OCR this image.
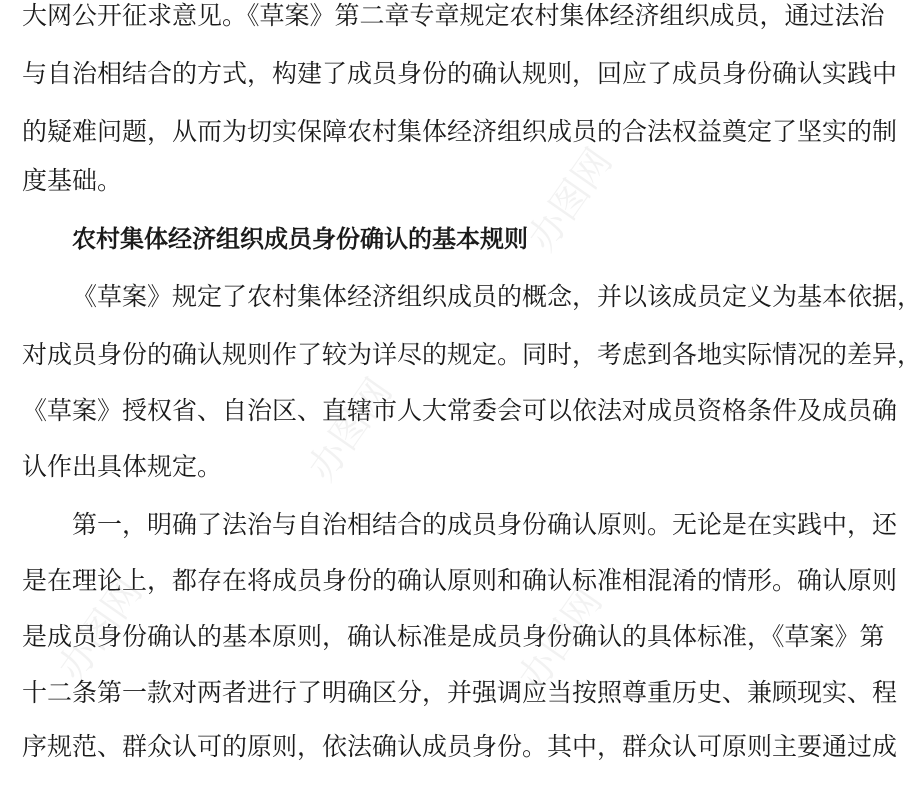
大网公开征求意见。《草案》第二章专章规定农村集体经济组织成员，通过法治
与自治相结合的方式，构建了成员身份的确认规则，回应了成员身份确认实践中
的疑难问题，从而为切实保障农村集体经济组织成员的合法权益奠定了坚实的制
度基础。
农村集体经济组织成员身份确认的基本规则
《草案》规定了农村集体经济组织成员的概念，并以该成员定义为基本依据，
对成员身份的确认规则作了较为详尽的规定。同时，考虑到各地实际情况的差异，
《草案》授权省、自治区、直辖市人大常委会可以依法对成员资格条件及成员确
认作出具体规定。
第一，明确了法治与自治相结合的成员身份确认原则。无论是在实践中，还
是在理论上，都存在将成员身份的确认原则和确认标准相混淆的情形。确认原则
是成员身份确认的基本原则，确认标准是成员身份确认的具体标准，《草案》第
十二条第一款对两者进行了明确区分，并强调应当按照尊重历史、兼顾现实、程
序规范、群众认可的原则，依法确认成员身份。其中，群众认可原则主要通过成
办图网
办图网
办图网
办图网
